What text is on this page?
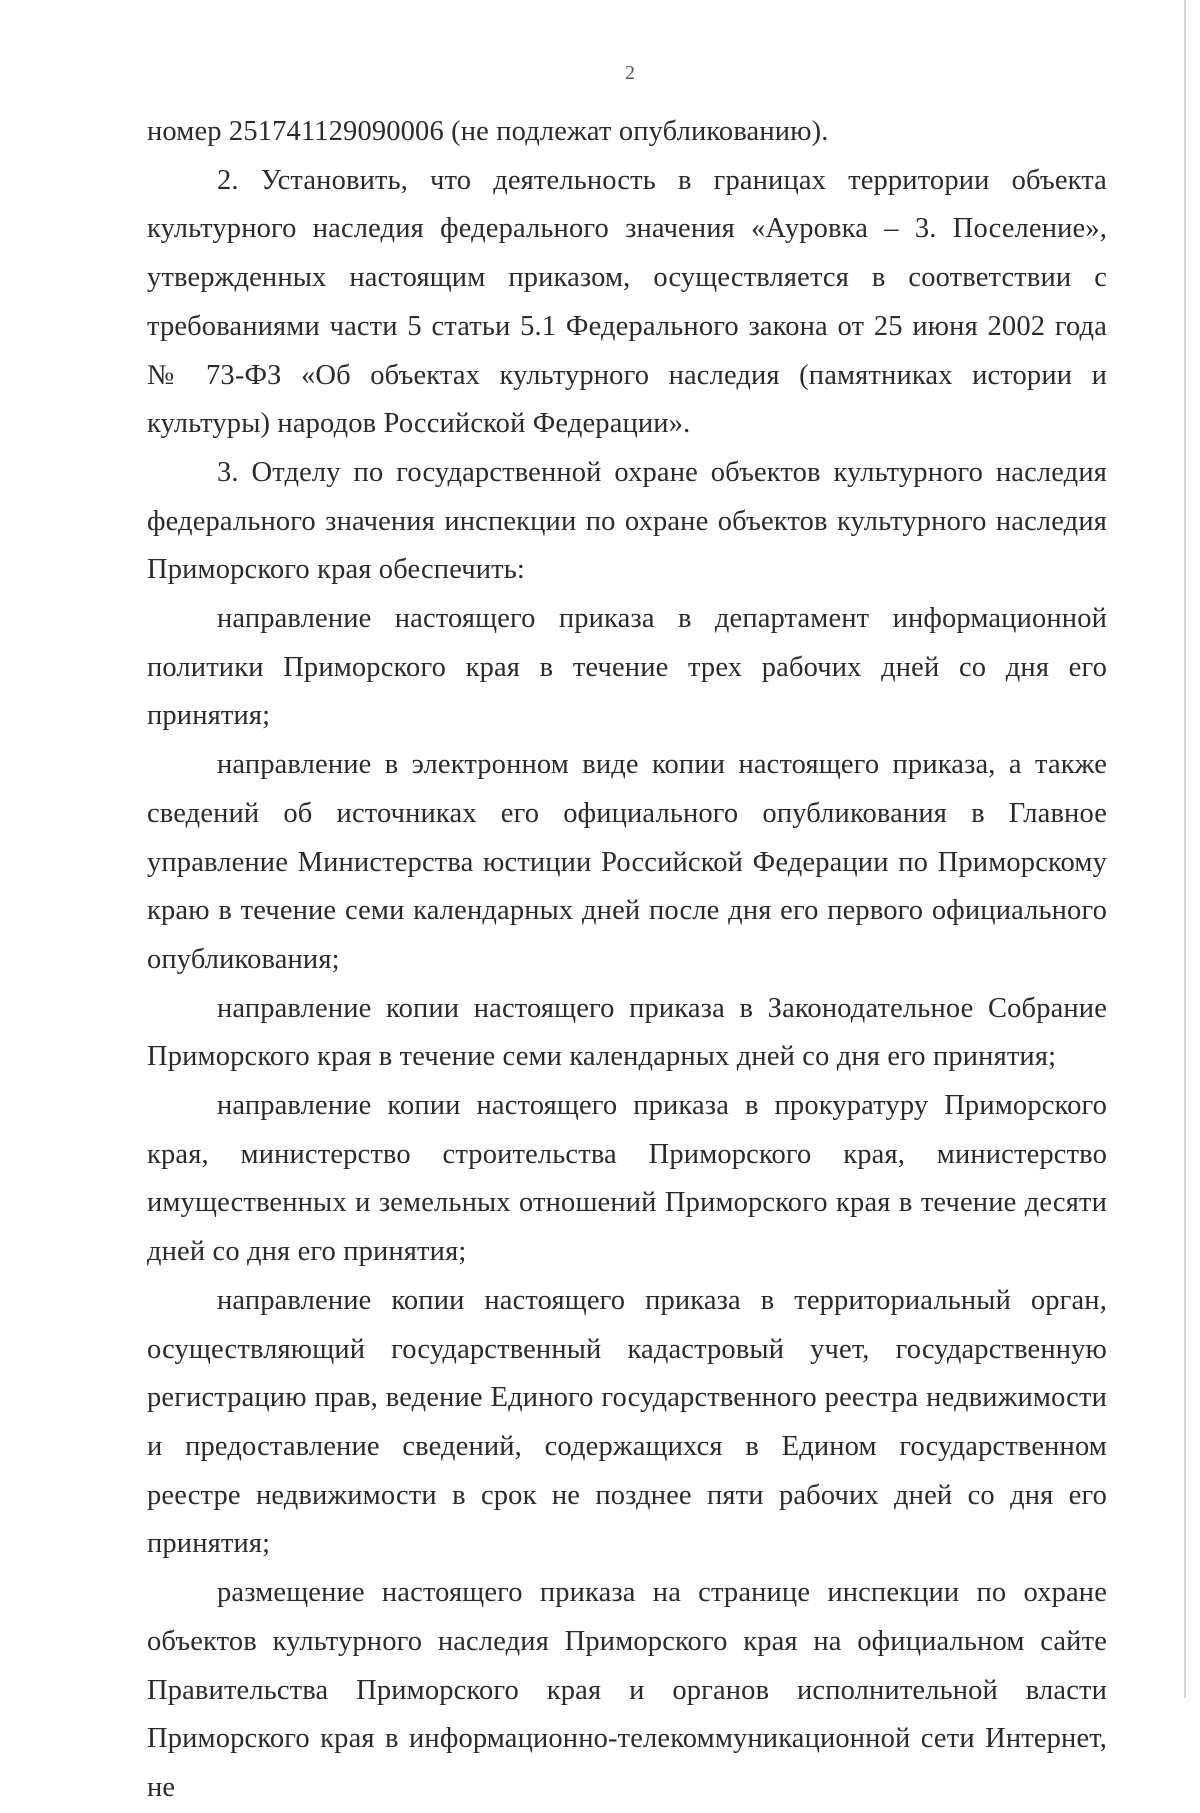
2

номер 251741129090006 (не подлежат опубликованию).

2. Установить, что деятельность в границах территории объекта культурного наследия федерального значения «Ауровка – 3. Поселение», утвержденных настоящим приказом, осуществляется в соответствии с требованиями части 5 статьи 5.1 Федерального закона от 25 июня 2002 года № 73-ФЗ «Об объектах культурного наследия (памятниках истории и культуры) народов Российской Федерации».

3. Отделу по государственной охране объектов культурного наследия федерального значения инспекции по охране объектов культурного наследия Приморского края обеспечить:

направление настоящего приказа в департамент информационной политики Приморского края в течение трех рабочих дней со дня его принятия;

направление в электронном виде копии настоящего приказа, а также сведений об источниках его официального опубликования в Главное управление Министерства юстиции Российской Федерации по Приморскому краю в течение семи календарных дней после дня его первого официального опубликования;

направление копии настоящего приказа в Законодательное Собрание Приморского края в течение семи календарных дней со дня его принятия;

направление копии настоящего приказа в прокуратуру Приморского края, министерство строительства Приморского края, министерство имущественных и земельных отношений Приморского края в течение десяти дней со дня его принятия;

направление копии настоящего приказа в территориальный орган, осуществляющий государственный кадастровый учет, государственную регистрацию прав, ведение Единого государственного реестра недвижимости и предоставление сведений, содержащихся в Едином государственном реестре недвижимости в срок не позднее пяти рабочих дней со дня его принятия;

размещение настоящего приказа на странице инспекции по охране объектов культурного наследия Приморского края на официальном сайте Правительства Приморского края и органов исполнительной власти Приморского края в информационно-телекоммуникационной сети Интернет, не
